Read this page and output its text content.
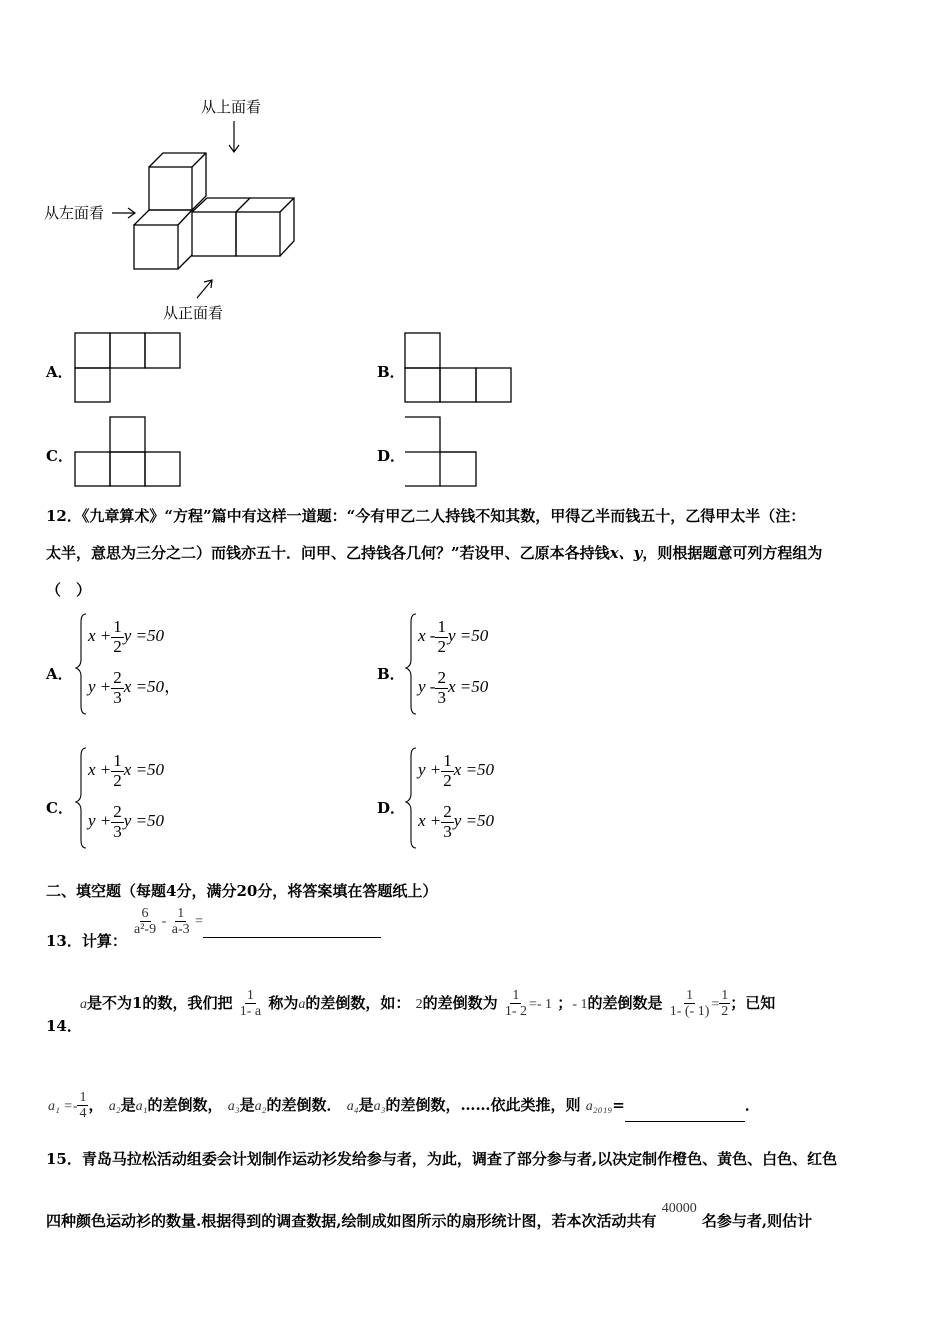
从上面看
从左面看
从正面看
A．	B．
C．	D．
12．《九章算术》“方程”篇中有这样一道题：“今有甲乙二人持钱不知其数，甲得乙半而钱五十，乙得甲太半（注：
太半，意思为三分之二）而钱亦五十．问甲、乙持钱各几何？”若设甲、乙原本各持钱x、y，则根据题意可列方程组为
（　）
A．
$x + \frac{1}{2}$ y =50
$y + \frac{2}{3}$ x =50，
B．
x - $\frac{1}{2}$ y =50
y - $\frac{2}{3}$ x =50
C．
$x + \frac{1}{2}$ x =50
$y + \frac{2}{3}$ y =50
D．
$y + \frac{1}{2}$ x =50
$x + \frac{2}{3}$ y =50
二、填空题（每题4分，满分20分，将答案填在答题纸上）
13．计算：
$\frac{6}{\text{a²-9}} - \frac{1}{a-3}$ =
14．
a是不为1的数，我们把 $\frac{1}{1- a}$ 称为a的差倒数，如： 2的差倒数为 $\frac{1}{1- 2} =- 1$ ；- 1的差倒数是 $\frac{1}{1- (- 1)} = \frac{1}{2}$ ；已知
$a_1 =- \frac{1}{4}$ ， a₂是a₁的差倒数， a₃是a₂的差倒数． a₄是a₃的差倒数，……依此类推，则 a₂₀₁₉=	．
15．青岛马拉松活动组委会计划制作运动衫发给参与者，为此，调查了部分参与者,以决定制作橙色、黄色、白色、红色
四种颜色运动衫的数量.根据得到的调查数据,绘制成如图所示的扇形统计图，若本次活动共有 40000 名参与者,则估计
